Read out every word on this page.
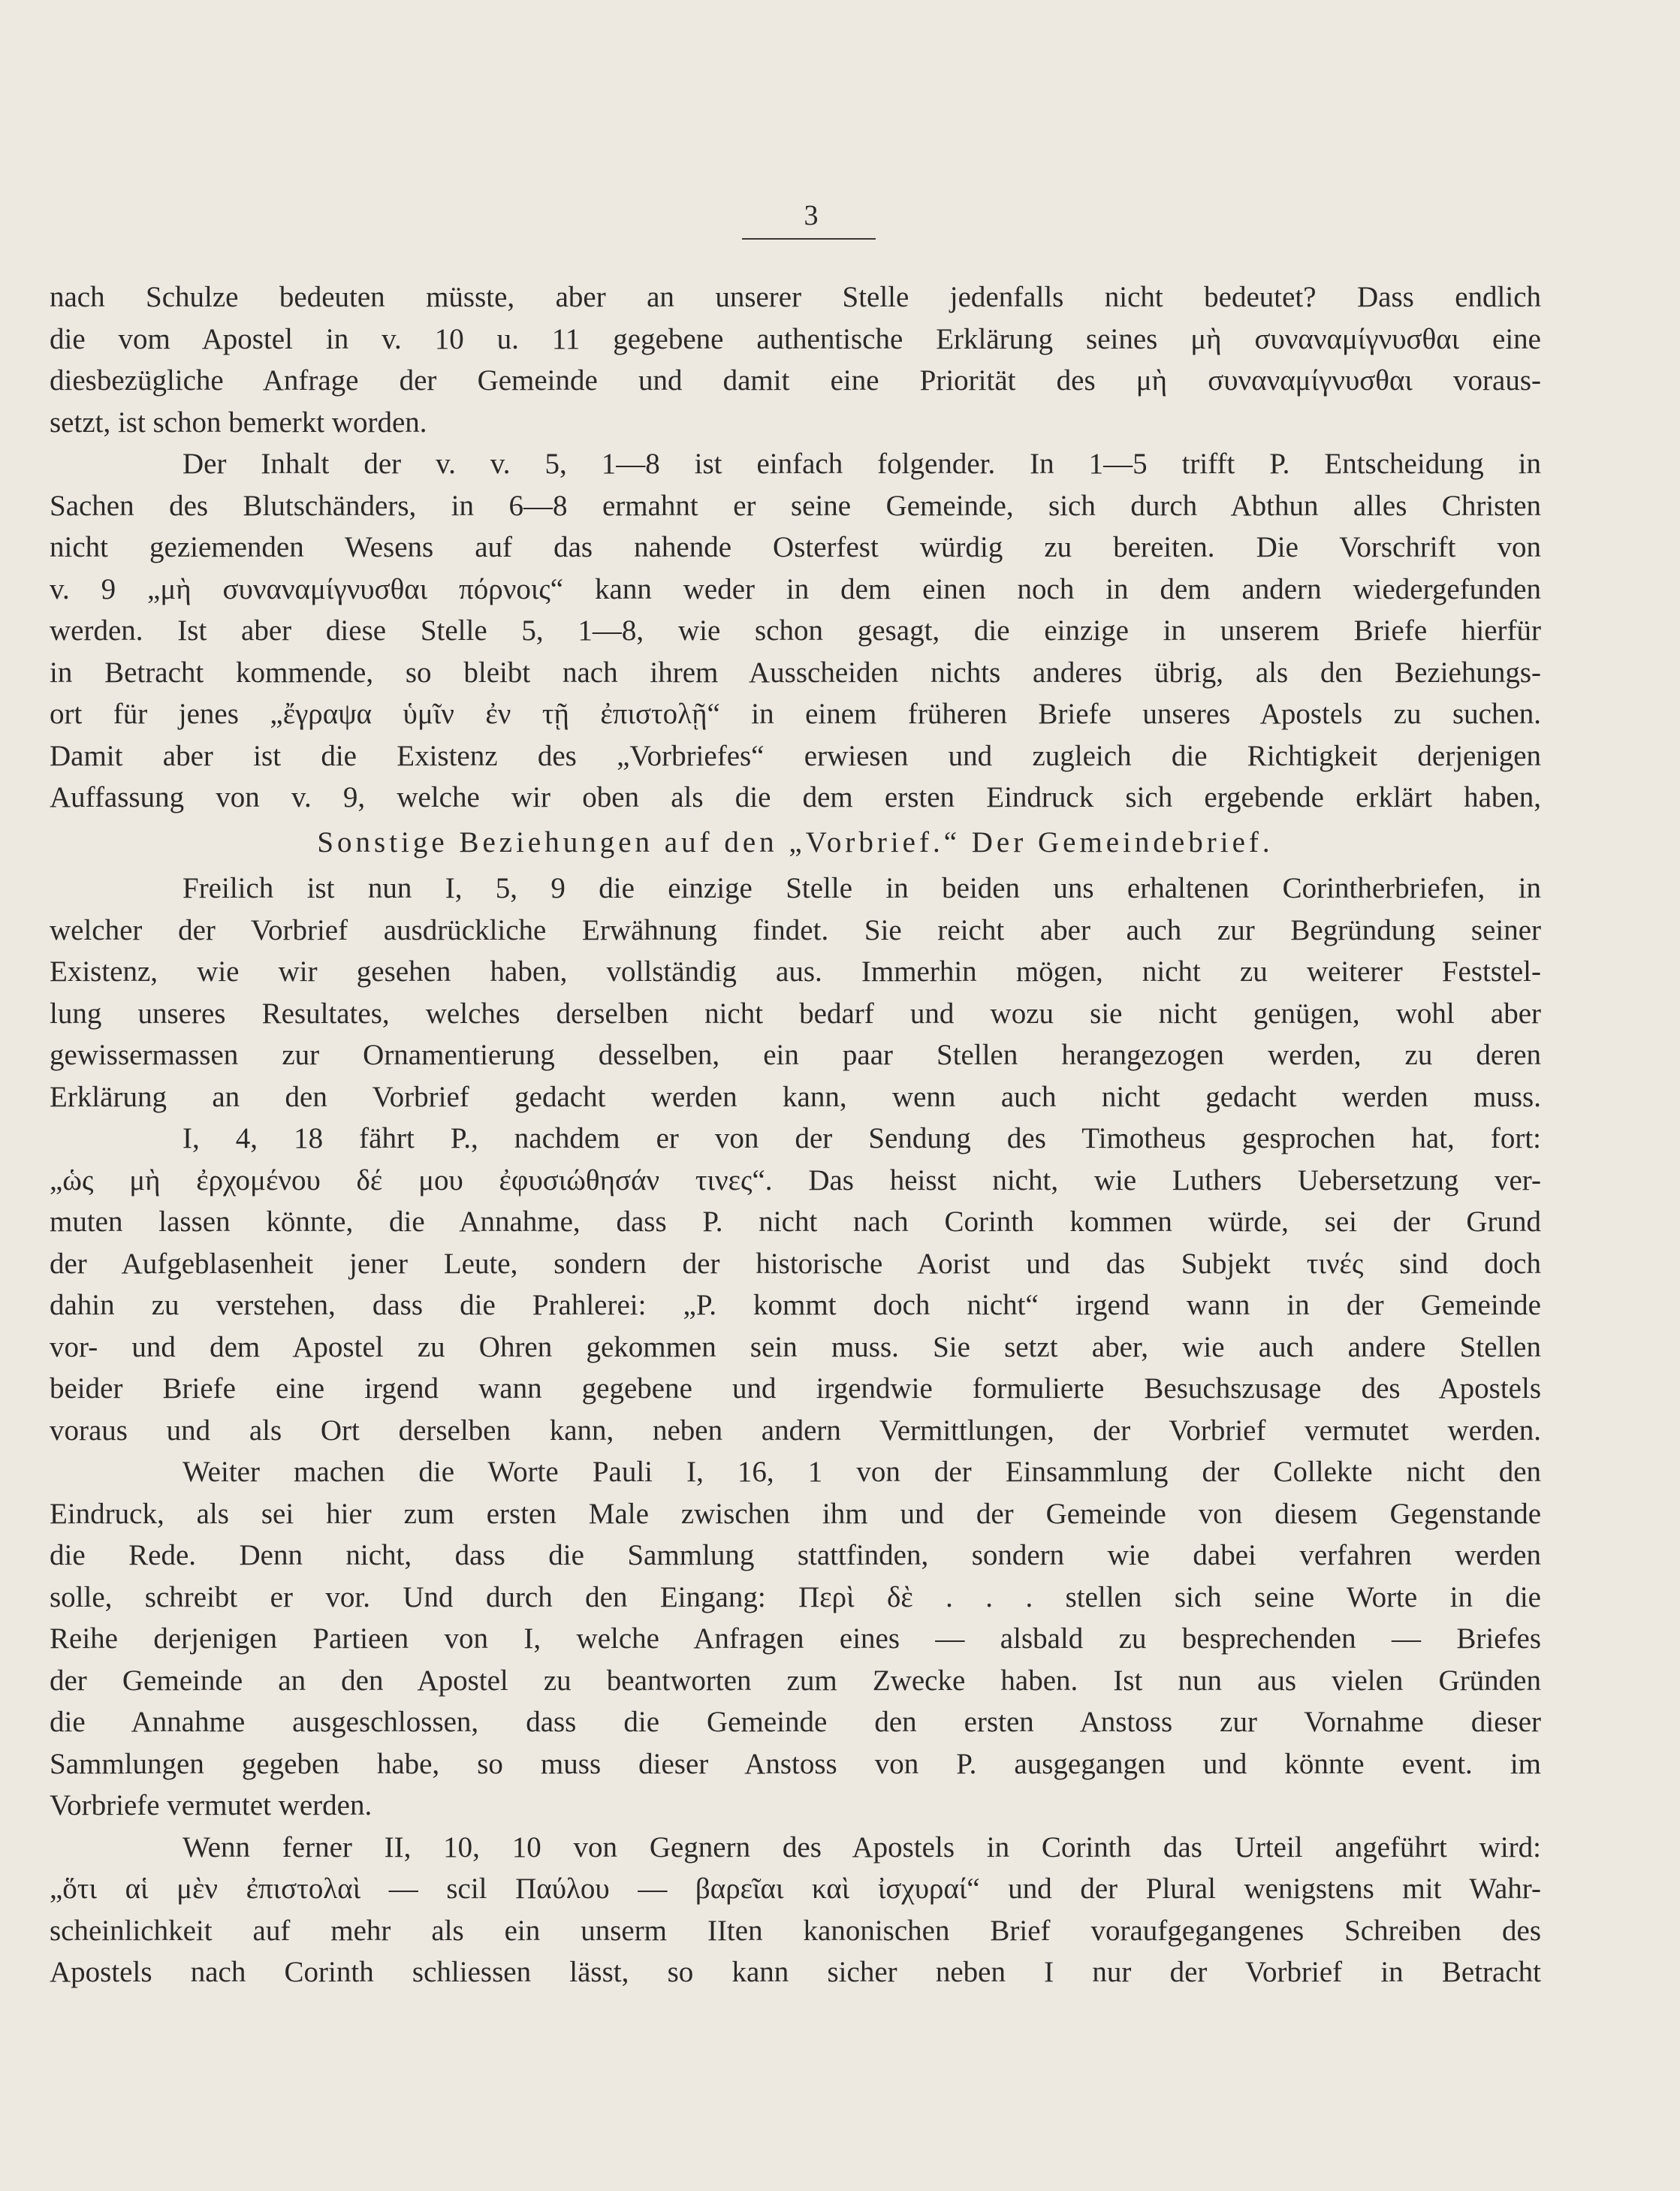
3
nach Schulze bedeuten müsste, aber an unserer Stelle jedenfalls nicht bedeutet? Dass endlich
die vom Apostel in v. 10 u. 11 gegebene authentische Erklärung seines μὴ συναναμίγνυσθαι eine
diesbezügliche Anfrage der Gemeinde und damit eine Priorität des μὴ συναναμίγνυσθαι voraus-
setzt, ist schon bemerkt worden.
Der Inhalt der v. v. 5, 1—8 ist einfach folgender. In 1—5 trifft P. Entscheidung in
Sachen des Blutschänders, in 6—8 ermahnt er seine Gemeinde, sich durch Abthun alles Christen
nicht geziemenden Wesens auf das nahende Osterfest würdig zu bereiten. Die Vorschrift von
v. 9 „μὴ συναναμίγνυσθαι πόρνοις“ kann weder in dem einen noch in dem andern wiedergefunden
werden. Ist aber diese Stelle 5, 1—8, wie schon gesagt, die einzige in unserem Briefe hierfür
in Betracht kommende, so bleibt nach ihrem Ausscheiden nichts anderes übrig, als den Beziehungs-
ort für jenes „ἔγραψα ὑμῖν ἐν τῇ ἐπιστολῇ“ in einem früheren Briefe unseres Apostels zu suchen.
Damit aber ist die Existenz des „Vorbriefes“ erwiesen und zugleich die Richtigkeit derjenigen
Auffassung von v. 9, welche wir oben als die dem ersten Eindruck sich ergebende erklärt haben,
Sonstige Beziehungen auf den „Vorbrief.“ Der Gemeindebrief.
Freilich ist nun I, 5, 9 die einzige Stelle in beiden uns erhaltenen Corintherbriefen, in
welcher der Vorbrief ausdrückliche Erwähnung findet. Sie reicht aber auch zur Begründung seiner
Existenz, wie wir gesehen haben, vollständig aus. Immerhin mögen, nicht zu weiterer Feststel-
lung unseres Resultates, welches derselben nicht bedarf und wozu sie nicht genügen, wohl aber
gewissermassen zur Ornamentierung desselben, ein paar Stellen herangezogen werden, zu deren
Erklärung an den Vorbrief gedacht werden kann, wenn auch nicht gedacht werden muss.
I, 4, 18 fährt P., nachdem er von der Sendung des Timotheus gesprochen hat, fort:
„ὡς μὴ ἐρχομένου δέ μου ἐφυσιώθησάν τινες“. Das heisst nicht, wie Luthers Uebersetzung ver-
muten lassen könnte, die Annahme, dass P. nicht nach Corinth kommen würde, sei der Grund
der Aufgeblasenheit jener Leute, sondern der historische Aorist und das Subjekt τινές sind doch
dahin zu verstehen, dass die Prahlerei: „P. kommt doch nicht“ irgend wann in der Gemeinde
vor- und dem Apostel zu Ohren gekommen sein muss. Sie setzt aber, wie auch andere Stellen
beider Briefe eine irgend wann gegebene und irgendwie formulierte Besuchszusage des Apostels
voraus und als Ort derselben kann, neben andern Vermittlungen, der Vorbrief vermutet werden.
Weiter machen die Worte Pauli I, 16, 1 von der Einsammlung der Collekte nicht den
Eindruck, als sei hier zum ersten Male zwischen ihm und der Gemeinde von diesem Gegenstande
die Rede. Denn nicht, dass die Sammlung stattfinden, sondern wie dabei verfahren werden
solle, schreibt er vor. Und durch den Eingang: Περὶ δὲ . . . stellen sich seine Worte in die
Reihe derjenigen Partieen von I, welche Anfragen eines — alsbald zu besprechenden — Briefes
der Gemeinde an den Apostel zu beantworten zum Zwecke haben. Ist nun aus vielen Gründen
die Annahme ausgeschlossen, dass die Gemeinde den ersten Anstoss zur Vornahme dieser
Sammlungen gegeben habe, so muss dieser Anstoss von P. ausgegangen und könnte event. im
Vorbriefe vermutet werden.
Wenn ferner II, 10, 10 von Gegnern des Apostels in Corinth das Urteil angeführt wird:
„ὅτι αἱ μὲν ἐπιστολαὶ — scil Παύλου — βαρεῖαι καὶ ἰσχυραί“ und der Plural wenigstens mit Wahr-
scheinlichkeit auf mehr als ein unserm IIten kanonischen Brief voraufgegangenes Schreiben des
Apostels nach Corinth schliessen lässt, so kann sicher neben I nur der Vorbrief in Betracht
